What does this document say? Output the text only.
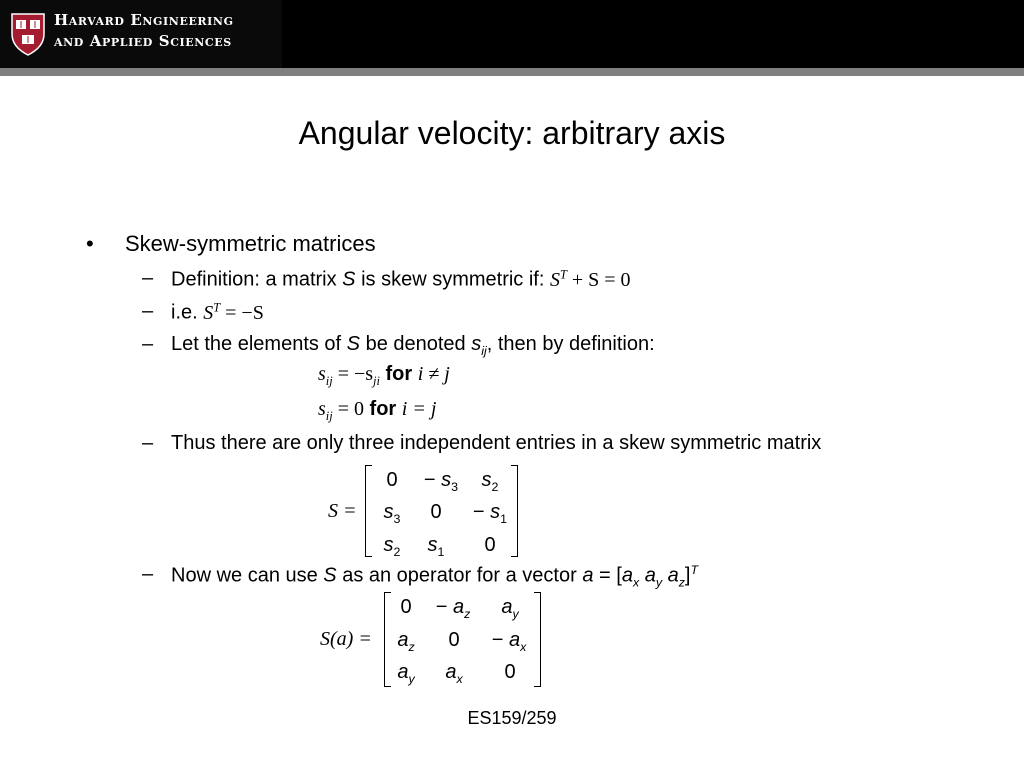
Harvard Engineering
and Applied Sciences
Angular velocity: arbitrary axis
• Skew-symmetric matrices
– Definition: a matrix S is skew symmetric if: $S^T + S = 0$
– i.e. $S^T = -S$
– Let the elements of S be denoted $s_{ij}$, then by definition:
$s_{ij} = -s_{ji}$ for i ≠ j
$s_{ij} = 0$ for i = j
– Thus there are only three independent entries in a skew symmetric matrix
S =
0	− $s_3$	$s_2$
$s_3$	0	− $s_1$
$s_2$	$s_1$	0
– Now we can use S as an operator for a vector $a = [a_x$ $a_y$ $a_z]^T$
S(a) =
0	− $a_z$	$a_y$
$a_z$	0	− $a_x$
$a_y$	$a_x$	0
ES159/259
